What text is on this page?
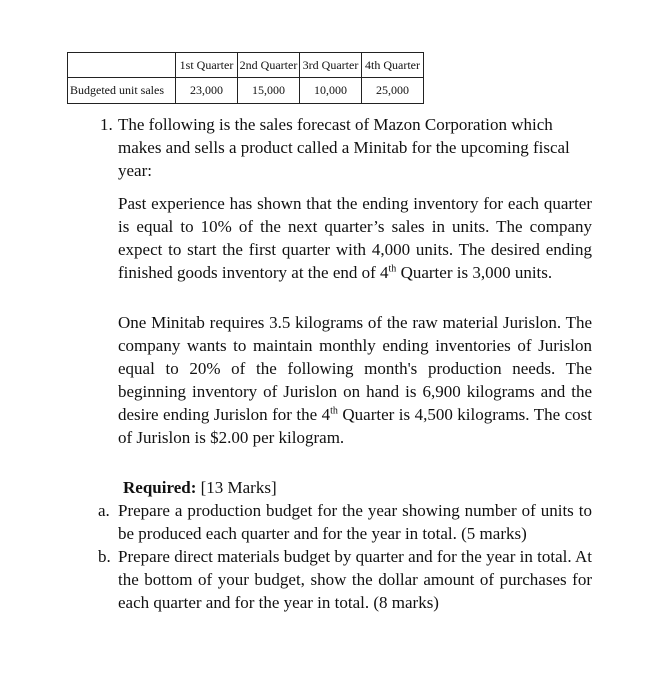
	1st Quarter	2nd Quarter	3rd Quarter	4th Quarter
Budgeted unit sales	23,000	15,000	10,000	25,000
1. The following is the sales forecast of Mazon Corporation which makes and sells a product called a Minitab for the upcoming fiscal year:

Past experience has shown that the ending inventory for each quarter is equal to 10% of the next quarter’s sales in units. The company expect to start the first quarter with 4,000 units. The desired ending finished goods inventory at the end of 4th Quarter is 3,000 units.

One Minitab requires 3.5 kilograms of the raw material Jurislon. The company wants to maintain monthly ending inventories of Jurislon equal to 20% of the following month's production needs. The beginning inventory of Jurislon on hand is 6,900 kilograms and the desire ending Jurislon for the 4th Quarter is 4,500 kilograms. The cost of Jurislon is $2.00 per kilogram.

Required: [13 Marks]
a. Prepare a production budget for the year showing number of units to be produced each quarter and for the year in total. (5 marks)
b. Prepare direct materials budget by quarter and for the year in total. At the bottom of your budget, show the dollar amount of purchases for each quarter and for the year in total. (8 marks)
